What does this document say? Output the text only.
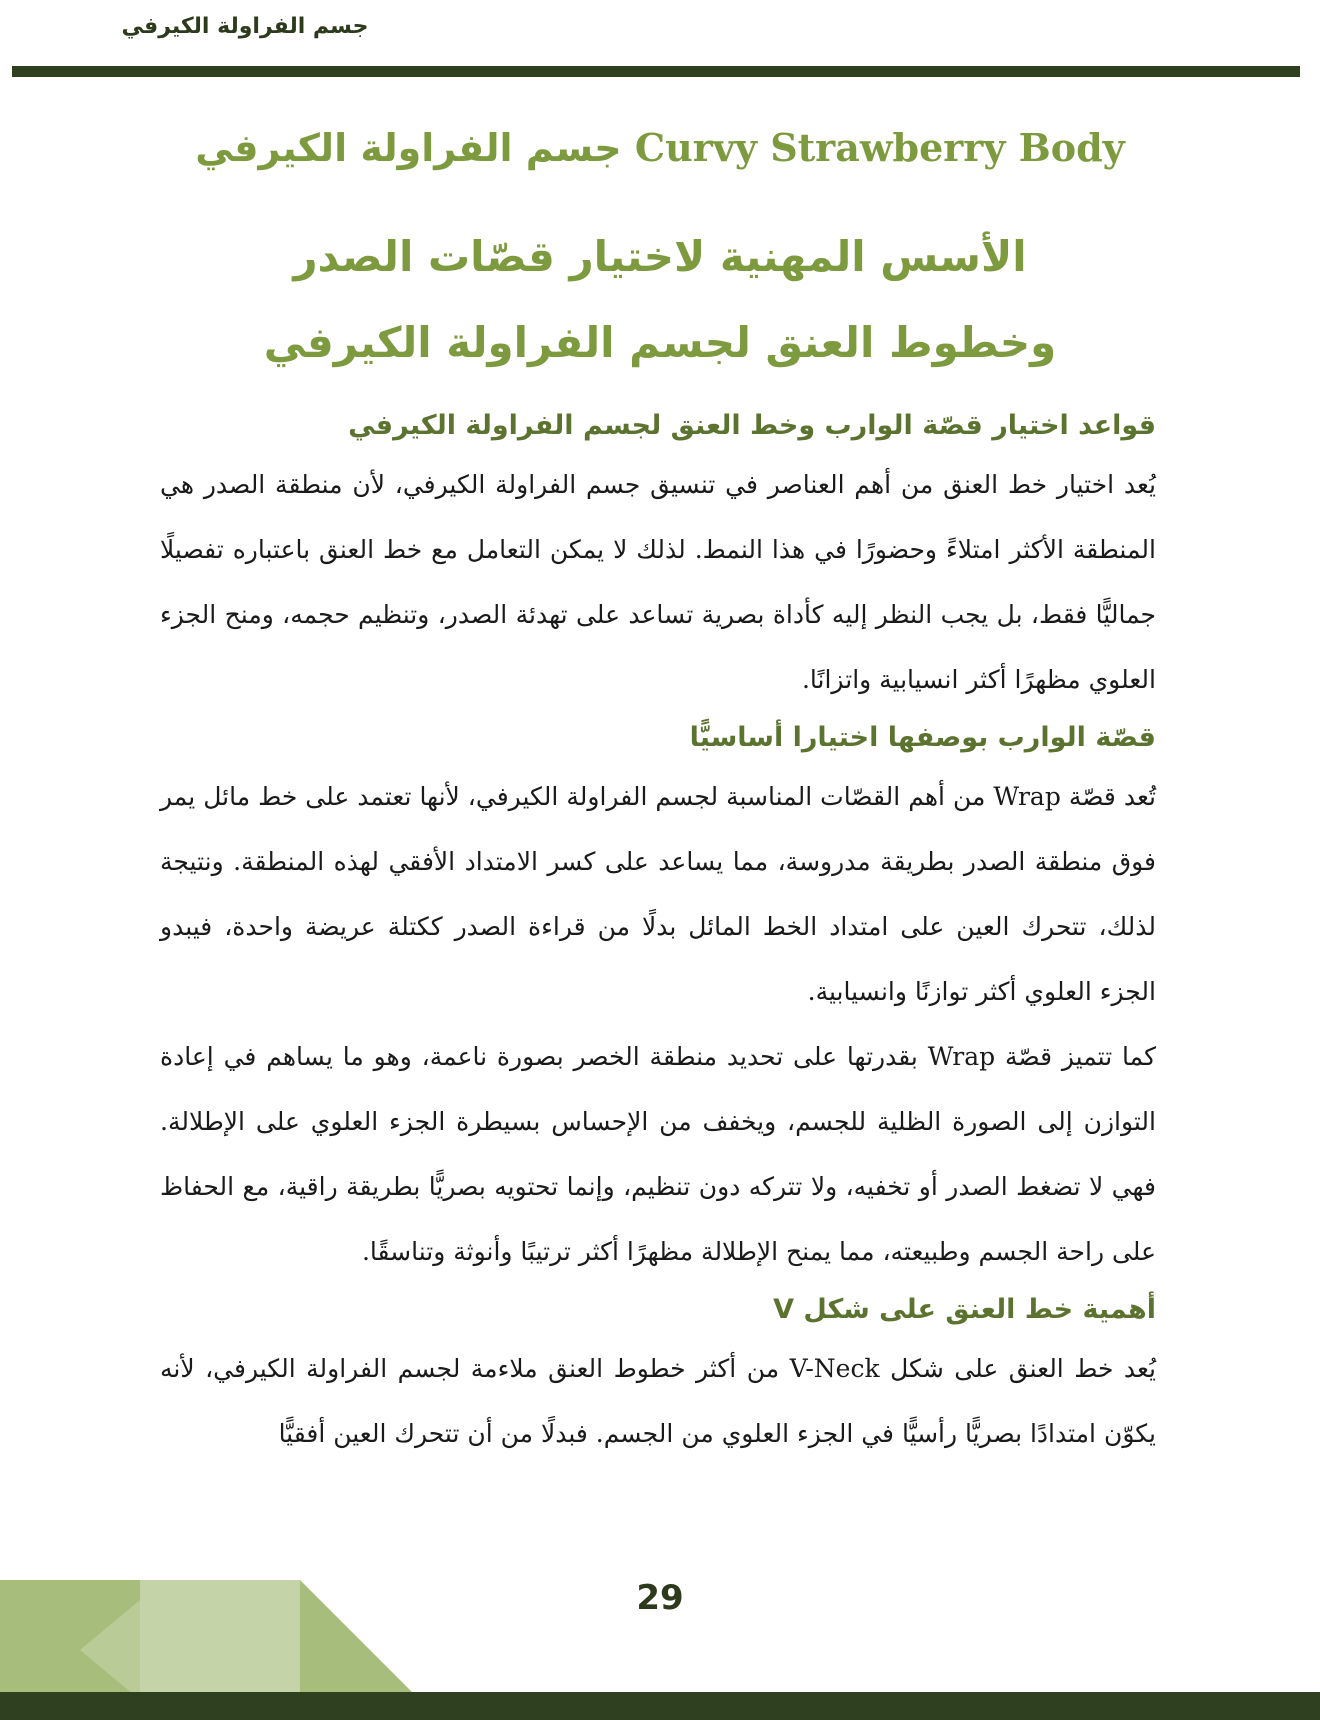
جسم الفراولة الكيرفي
جسم الفراولة الكيرفي Curvy Strawberry Body
الأسس المهنية لاختيار قصّات الصدر
وخطوط العنق لجسم الفراولة الكيرفي
قواعد اختيار قصّة الوارب وخط العنق لجسم الفراولة الكيرفي

يُعد اختيار خط العنق من أهم العناصر في تنسيق جسم الفراولة الكيرفي، لأن منطقة الصدر هي المنطقة الأكثر امتلاءً وحضورًا في هذا النمط. لذلك لا يمكن التعامل مع خط العنق باعتباره تفصيلًا جماليًّا فقط، بل يجب النظر إليه كأداة بصرية تساعد على تهدئة الصدر، وتنظيم حجمه، ومنح الجزء العلوي مظهرًا أكثر انسيابية واتزانًا.

قصّة الوارب بوصفها اختيارا أساسيًّا

تُعد قصّة Wrap من أهم القصّات المناسبة لجسم الفراولة الكيرفي، لأنها تعتمد على خط مائل يمر فوق منطقة الصدر بطريقة مدروسة، مما يساعد على كسر الامتداد الأفقي لهذه المنطقة. ونتيجة لذلك، تتحرك العين على امتداد الخط المائل بدلًا من قراءة الصدر ككتلة عريضة واحدة، فيبدو الجزء العلوي أكثر توازنًا وانسيابية.

كما تتميز قصّة Wrap بقدرتها على تحديد منطقة الخصر بصورة ناعمة، وهو ما يساهم في إعادة التوازن إلى الصورة الظلية للجسم، ويخفف من الإحساس بسيطرة الجزء العلوي على الإطلالة. فهي لا تضغط الصدر أو تخفيه، ولا تتركه دون تنظيم، وإنما تحتويه بصريًّا بطريقة راقية، مع الحفاظ على راحة الجسم وطبيعته، مما يمنح الإطلالة مظهرًا أكثر ترتيبًا وأنوثة وتناسقًا.

أهمية خط العنق على شكل V

يُعد خط العنق على شكل V-Neck من أكثر خطوط العنق ملاءمة لجسم الفراولة الكيرفي، لأنه يكوّن امتدادًا بصريًّا رأسيًّا في الجزء العلوي من الجسم. فبدلًا من أن تتحرك العين أفقيًّا

29
